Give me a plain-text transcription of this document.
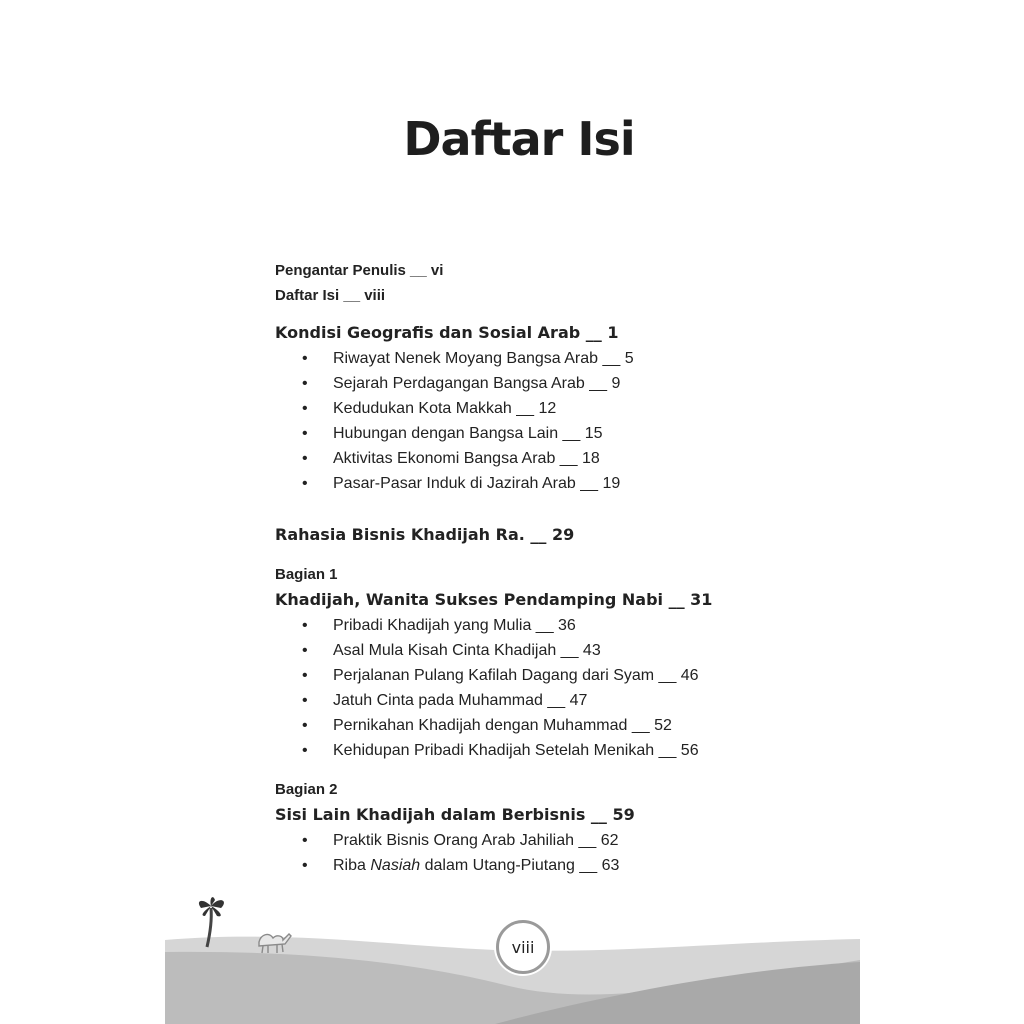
Daftar Isi
Pengantar Penulis __ vi
Daftar Isi __ viii
Kondisi Geografis dan Sosial Arab __ 1
• Riwayat Nenek Moyang Bangsa Arab __ 5
• Sejarah Perdagangan Bangsa Arab __ 9
• Kedudukan Kota Makkah __ 12
• Hubungan dengan Bangsa Lain __ 15
• Aktivitas Ekonomi Bangsa Arab __ 18
• Pasar-Pasar Induk di Jazirah Arab __ 19
Rahasia Bisnis Khadijah Ra. __ 29
Bagian 1
Khadijah, Wanita Sukses Pendamping Nabi __ 31
• Pribadi Khadijah yang Mulia __ 36
• Asal Mula Kisah Cinta Khadijah __ 43
• Perjalanan Pulang Kafilah Dagang dari Syam __ 46
• Jatuh Cinta pada Muhammad __ 47
• Pernikahan Khadijah dengan Muhammad __ 52
• Kehidupan Pribadi Khadijah Setelah Menikah __ 56
Bagian 2
Sisi Lain Khadijah dalam Berbisnis __ 59
• Praktik Bisnis Orang Arab Jahiliah __ 62
• Riba Nasiah dalam Utang-Piutang __ 63
viii
